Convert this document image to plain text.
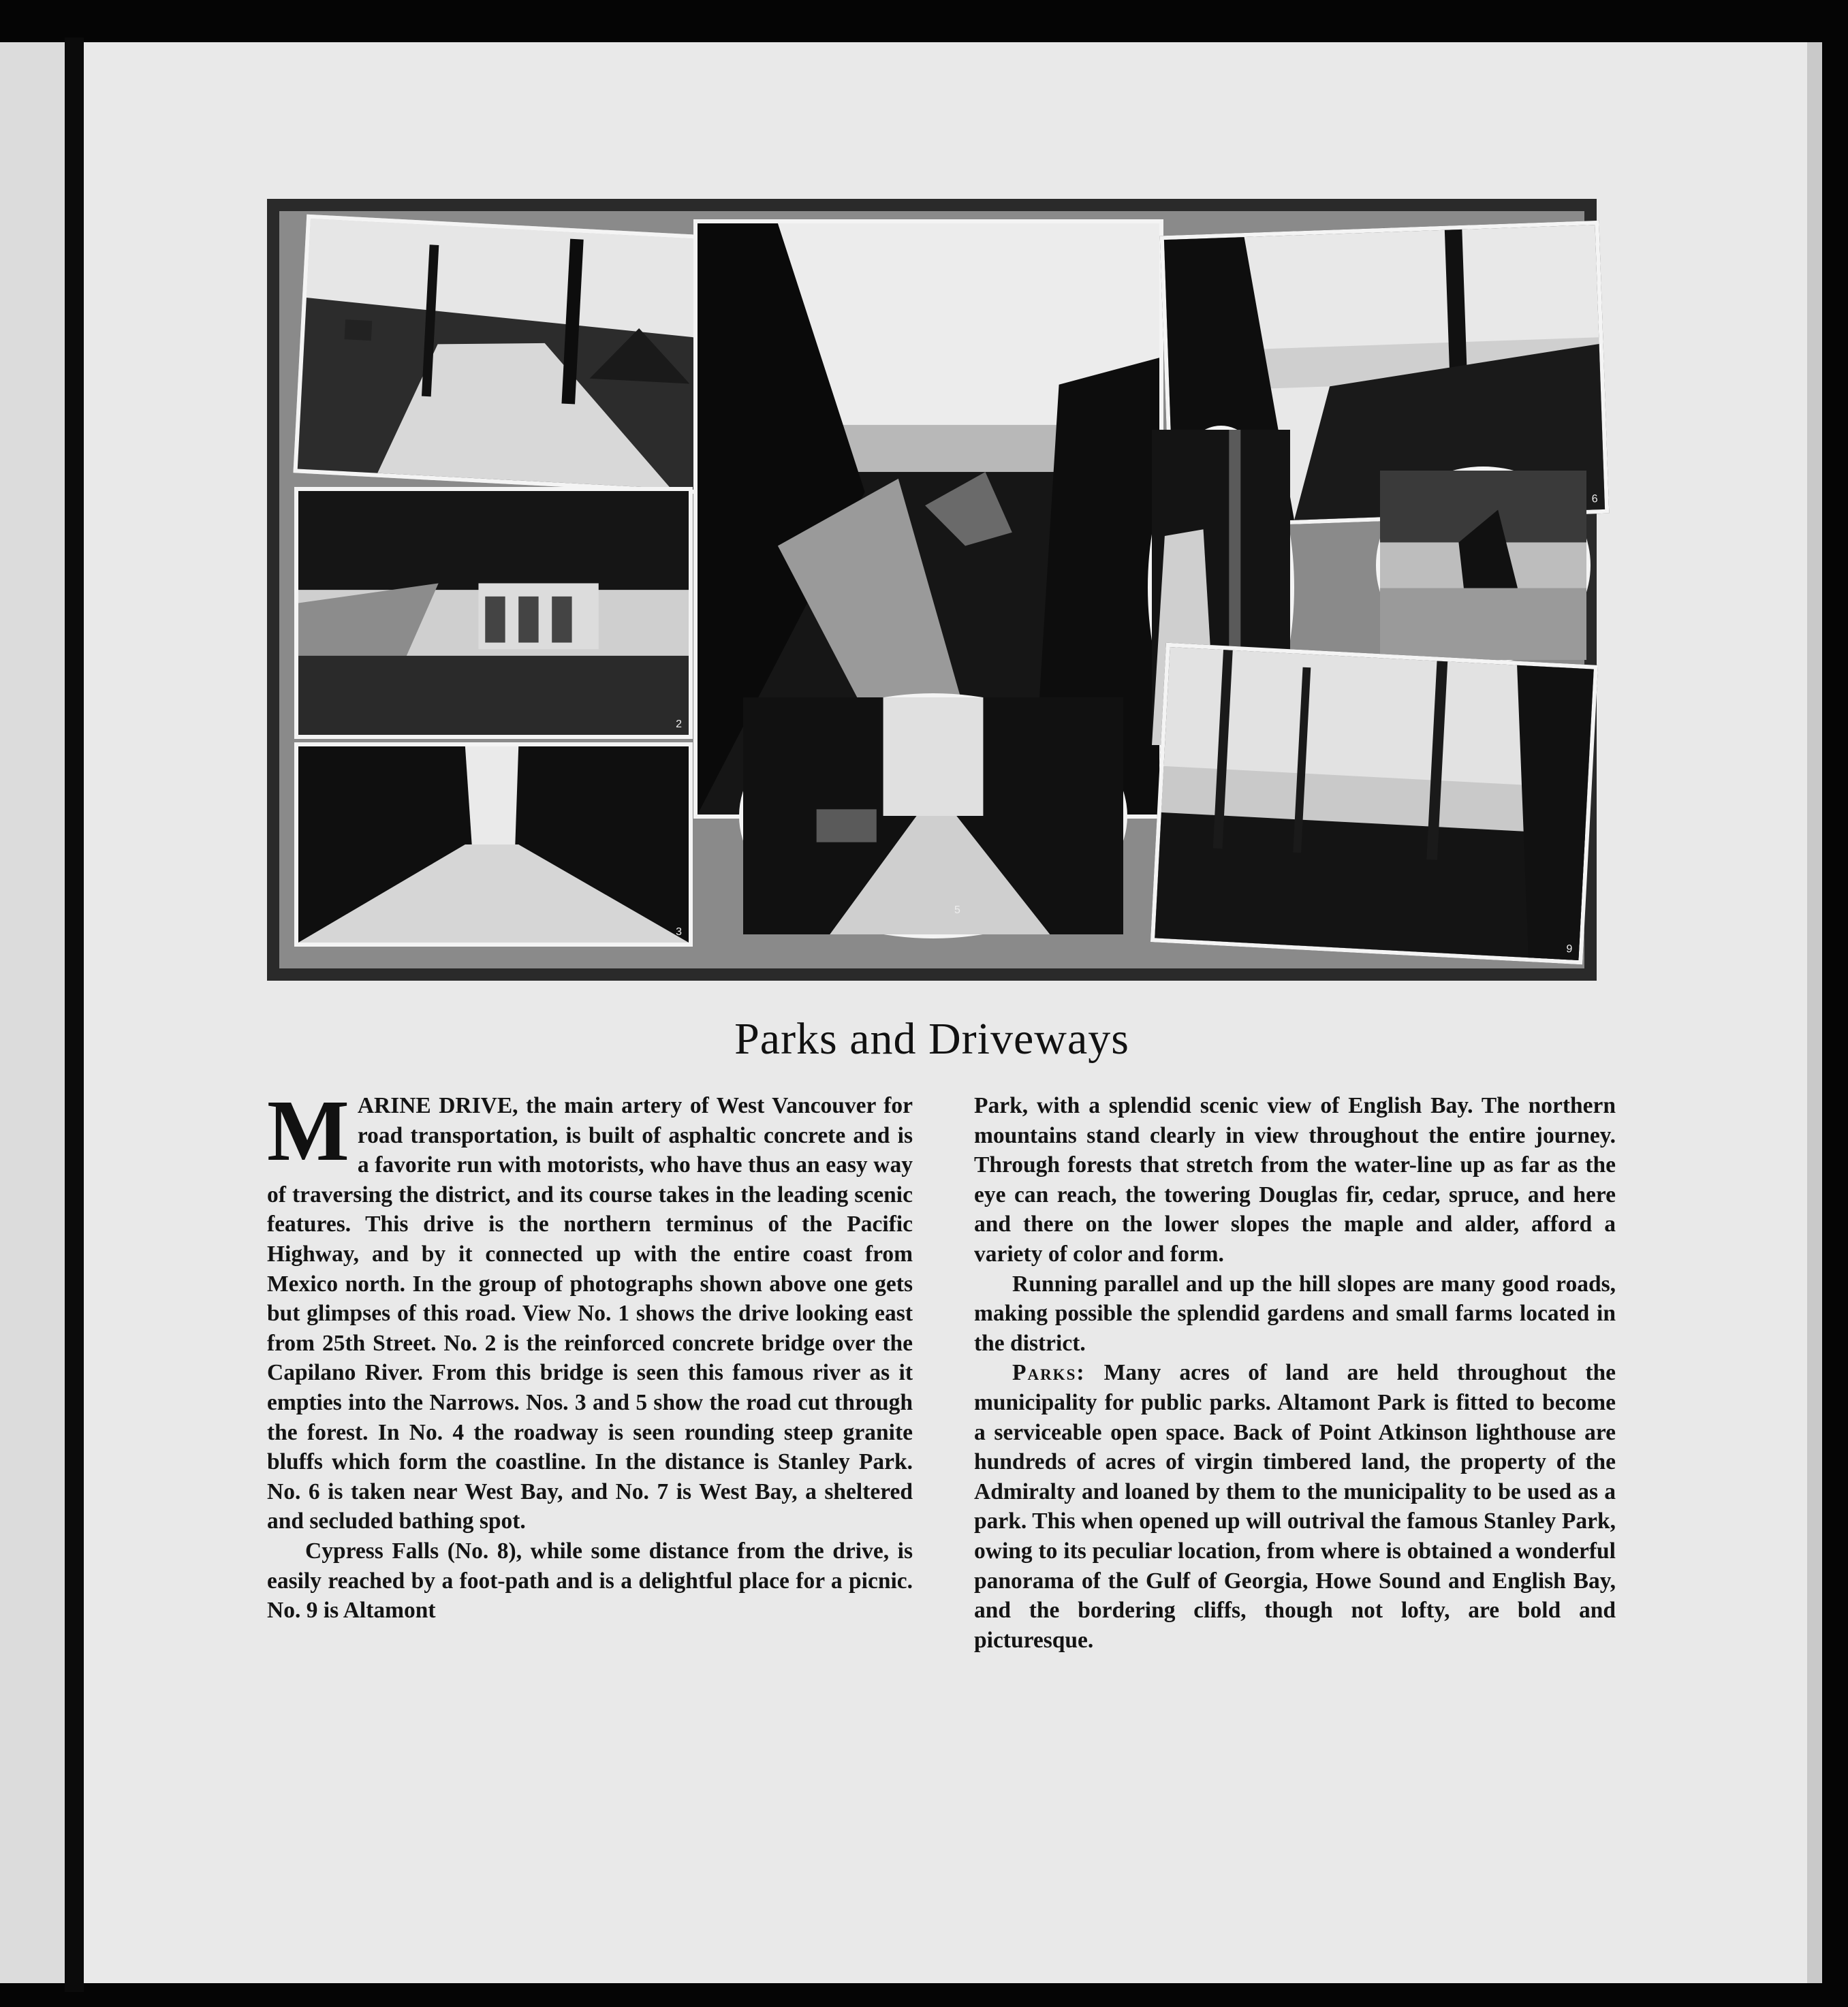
2
3
5
6
9
Parks and Driveways

MARINE DRIVE, the main artery of West Vancouver for road transportation, is built of asphaltic concrete and is a favorite run with motorists, who have thus an easy way of traversing the district, and its course takes in the leading scenic features. This drive is the northern terminus of the Pacific Highway, and by it connected up with the entire coast from Mexico north. In the group of photographs shown above one gets but glimpses of this road. View No. 1 shows the drive looking east from 25th Street. No. 2 is the reinforced concrete bridge over the Capilano River. From this bridge is seen this famous river as it empties into the Narrows. Nos. 3 and 5 show the road cut through the forest. In No. 4 the roadway is seen rounding steep granite bluffs which form the coastline. In the distance is Stanley Park. No. 6 is taken near West Bay, and No. 7 is West Bay, a sheltered and secluded bathing spot.

Cypress Falls (No. 8), while some distance from the drive, is easily reached by a foot-path and is a delightful place for a picnic. No. 9 is Altamont

Park, with a splendid scenic view of English Bay. The northern mountains stand clearly in view throughout the entire journey. Through forests that stretch from the water-line up as far as the eye can reach, the towering Douglas fir, cedar, spruce, and here and there on the lower slopes the maple and alder, afford a variety of color and form.

Running parallel and up the hill slopes are many good roads, making possible the splendid gardens and small farms located in the district.

Parks: Many acres of land are held throughout the municipality for public parks. Altamont Park is fitted to become a serviceable open space. Back of Point Atkinson lighthouse are hundreds of acres of virgin timbered land, the property of the Admiralty and loaned by them to the municipality to be used as a park. This when opened up will outrival the famous Stanley Park, owing to its peculiar location, from where is obtained a wonderful panorama of the Gulf of Georgia, Howe Sound and English Bay, and the bordering cliffs, though not lofty, are bold and picturesque.
